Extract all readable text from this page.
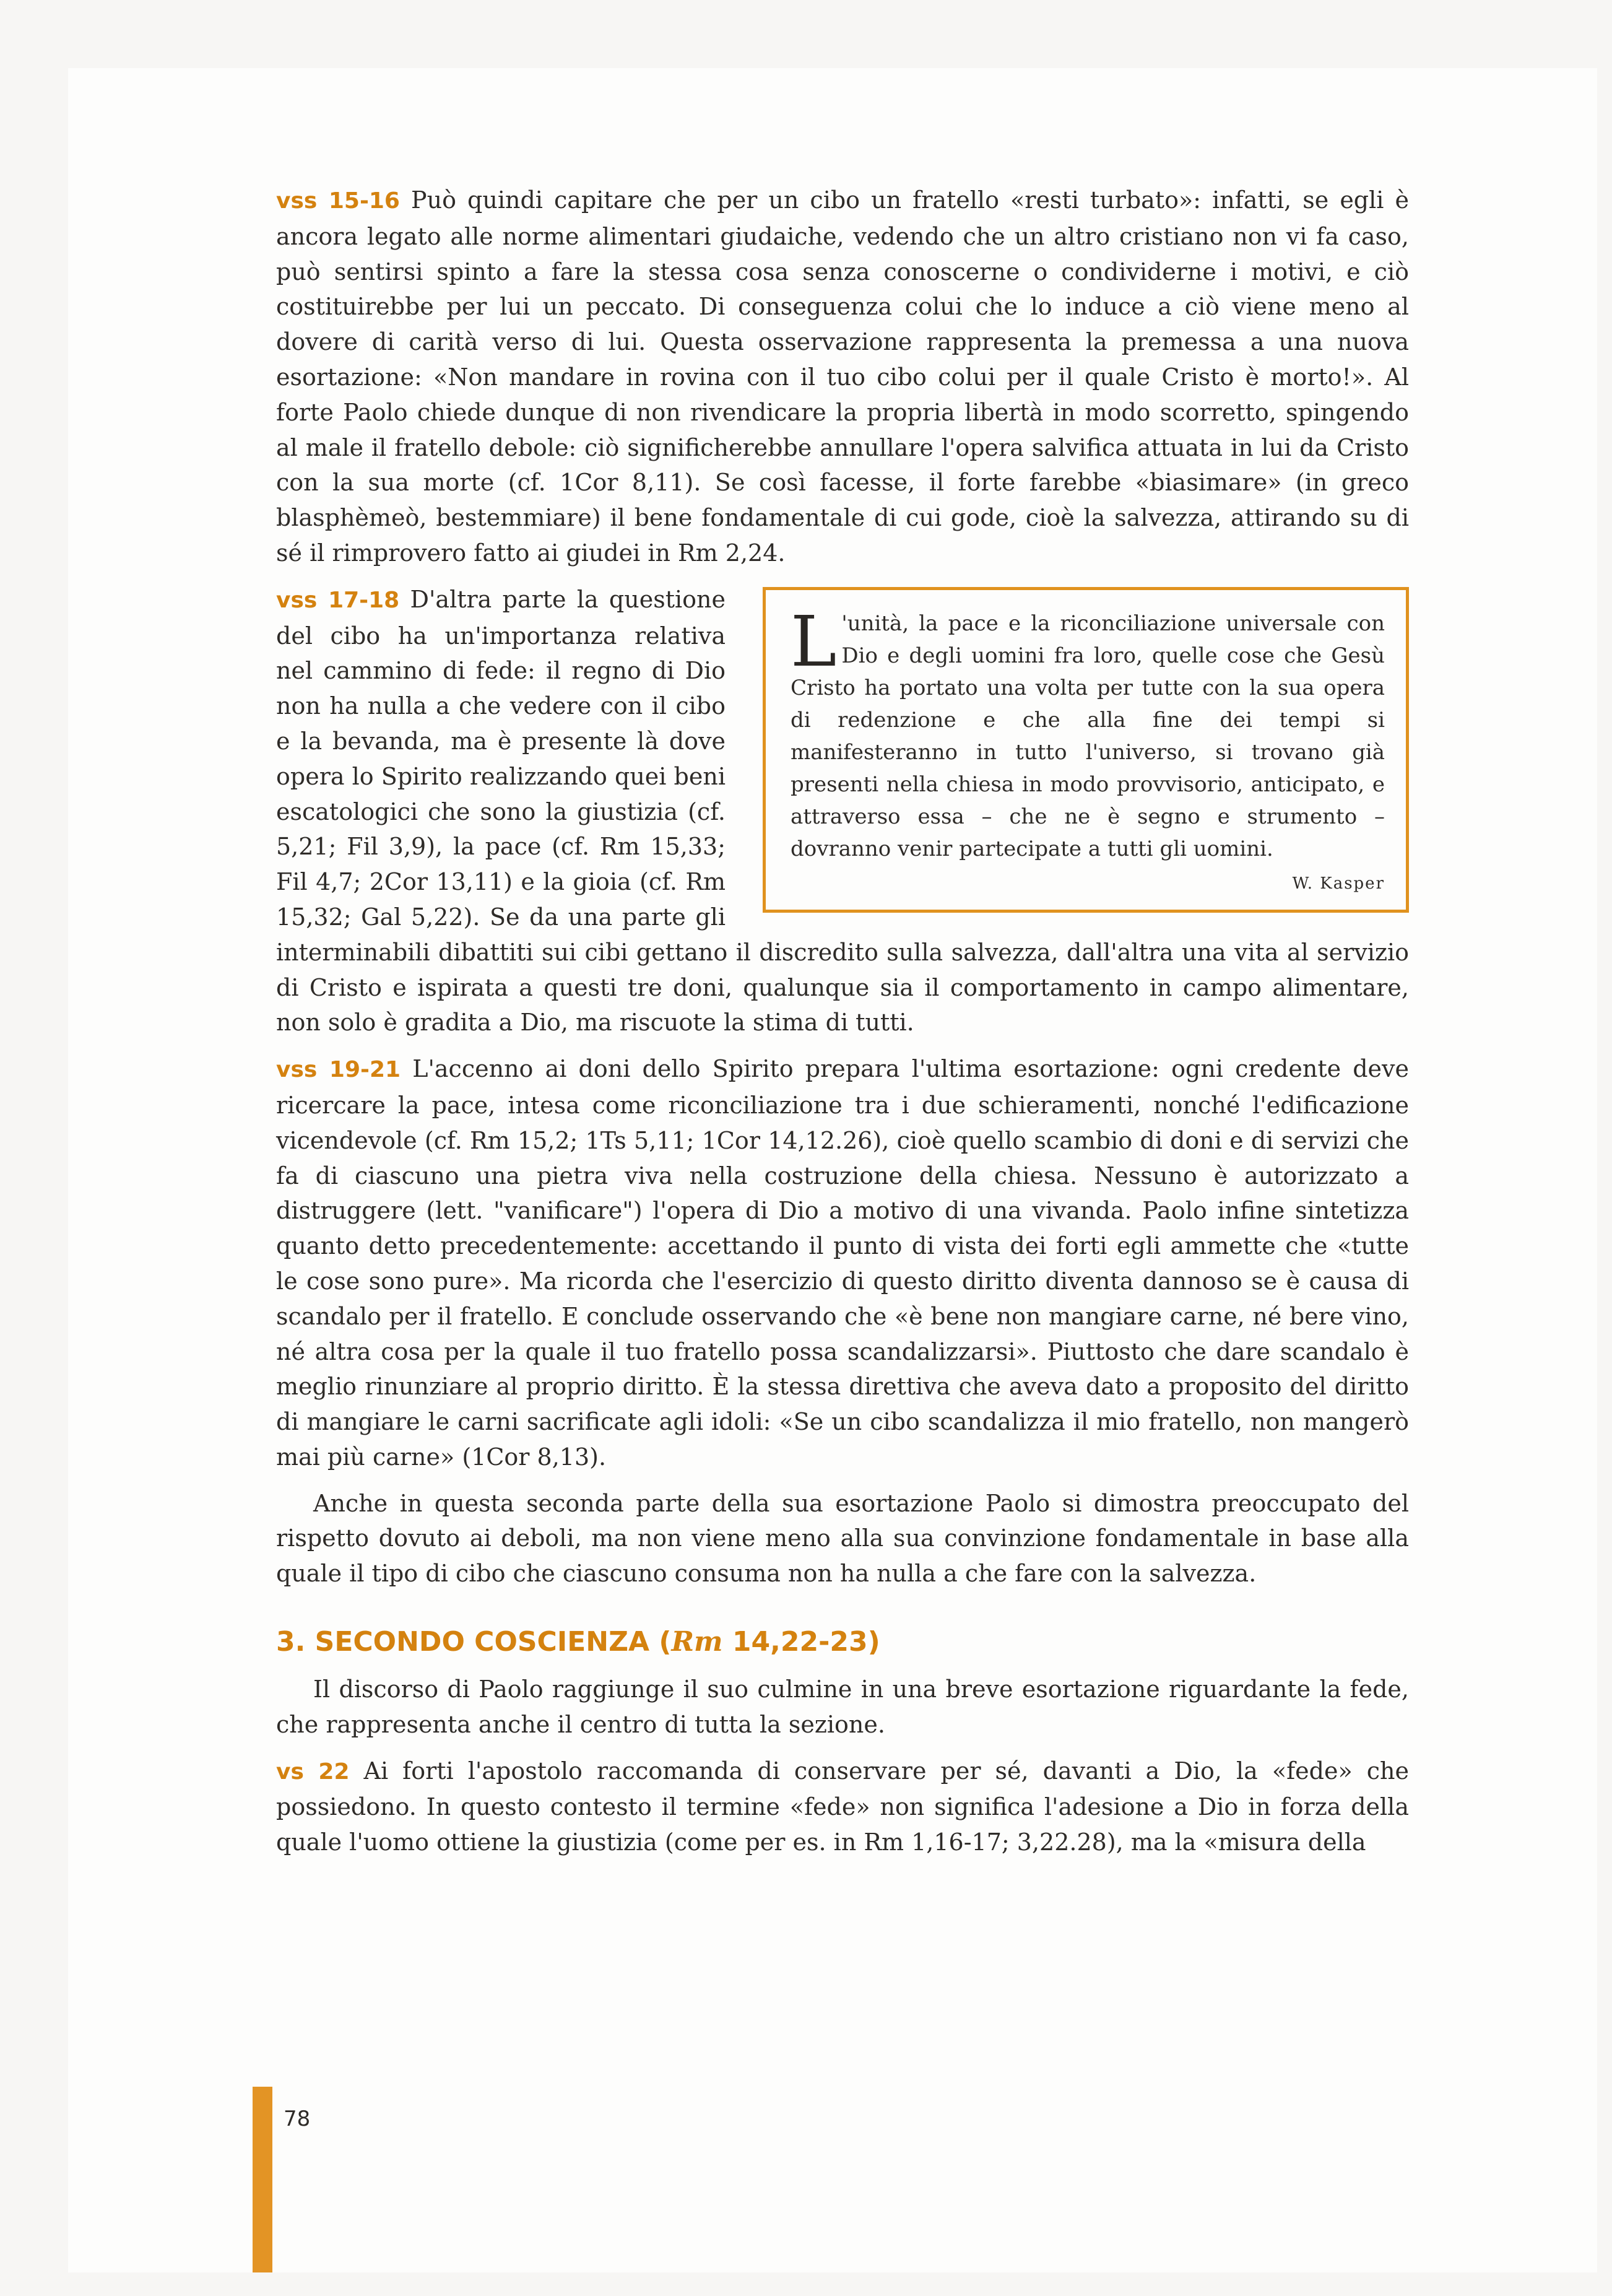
vss 15-16 Può quindi capitare che per un cibo un fratello «resti turbato»: infatti, se egli è ancora legato alle norme alimentari giudaiche, vedendo che un altro cristiano non vi fa caso, può sentirsi spinto a fare la stessa cosa senza conoscerne o condividerne i motivi, e ciò costituirebbe per lui un peccato. Di conseguenza colui che lo induce a ciò viene meno al dovere di carità verso di lui. Questa osservazione rappresenta la premessa a una nuova esortazione: «Non mandare in rovina con il tuo cibo colui per il quale Cristo è morto!». Al forte Paolo chiede dunque di non rivendicare la propria libertà in modo scorretto, spingendo al male il fratello debole: ciò significherebbe annullare l'opera salvifica attuata in lui da Cristo con la sua morte (cf. 1Cor 8,11). Se così facesse, il forte farebbe «biasimare» (in greco blasphèmeò, bestemmiare) il bene fondamentale di cui gode, cioè la salvezza, attirando su di sé il rimprovero fatto ai giudei in Rm 2,24.

L 'unità, la pace e la riconciliazione universale con Dio e degli uomini fra loro, quelle cose che Gesù Cristo ha portato una volta per tutte con la sua opera di redenzione e che alla fine dei tempi si manifesteranno in tutto l'universo, si trovano già presenti nella chiesa in modo provvisorio, anticipato, e attraverso essa – che ne è segno e strumento – dovranno venir partecipate a tutti gli uomini.
W. Kasper

vss 17-18 D'altra parte la questione del cibo ha un'importanza relativa nel cammino di fede: il regno di Dio non ha nulla a che vedere con il cibo e la bevanda, ma è presente là dove opera lo Spirito realizzando quei beni escatologici che sono la giustizia (cf. 5,21; Fil 3,9), la pace (cf. Rm 15,33; Fil 4,7; 2Cor 13,11) e la gioia (cf. Rm 15,32; Gal 5,22). Se da una parte gli interminabili dibattiti sui cibi gettano il discredito sulla salvezza, dall'altra una vita al servizio di Cristo e ispirata a questi tre doni, qualunque sia il comportamento in campo alimentare, non solo è gradita a Dio, ma riscuote la stima di tutti.

vss 19-21 L'accenno ai doni dello Spirito prepara l'ultima esortazione: ogni credente deve ricercare la pace, intesa come riconciliazione tra i due schieramenti, nonché l'edificazione vicendevole (cf. Rm 15,2; 1Ts 5,11; 1Cor 14,12.26), cioè quello scambio di doni e di servizi che fa di ciascuno una pietra viva nella costruzione della chiesa. Nessuno è autorizzato a distruggere (lett. "vanificare") l'opera di Dio a motivo di una vivanda. Paolo infine sintetizza quanto detto precedentemente: accettando il punto di vista dei forti egli ammette che «tutte le cose sono pure». Ma ricorda che l'esercizio di questo diritto diventa dannoso se è causa di scandalo per il fratello. E conclude osservando che «è bene non mangiare carne, né bere vino, né altra cosa per la quale il tuo fratello possa scandalizzarsi». Piuttosto che dare scandalo è meglio rinunziare al proprio diritto. È la stessa direttiva che aveva dato a proposito del diritto di mangiare le carni sacrificate agli idoli: «Se un cibo scandalizza il mio fratello, non mangerò mai più carne» (1Cor 8,13).

Anche in questa seconda parte della sua esortazione Paolo si dimostra preoccupato del rispetto dovuto ai deboli, ma non viene meno alla sua convinzione fondamentale in base alla quale il tipo di cibo che ciascuno consuma non ha nulla a che fare con la salvezza.

3. SECONDO COSCIENZA (Rm 14,22-23)

Il discorso di Paolo raggiunge il suo culmine in una breve esortazione riguardante la fede, che rappresenta anche il centro di tutta la sezione.

vs 22 Ai forti l'apostolo raccomanda di conservare per sé, davanti a Dio, la «fede» che possiedono. In questo contesto il termine «fede» non significa l'adesione a Dio in forza della quale l'uomo ottiene la giustizia (come per es. in Rm 1,16-17; 3,22.28), ma la «misura della

78
